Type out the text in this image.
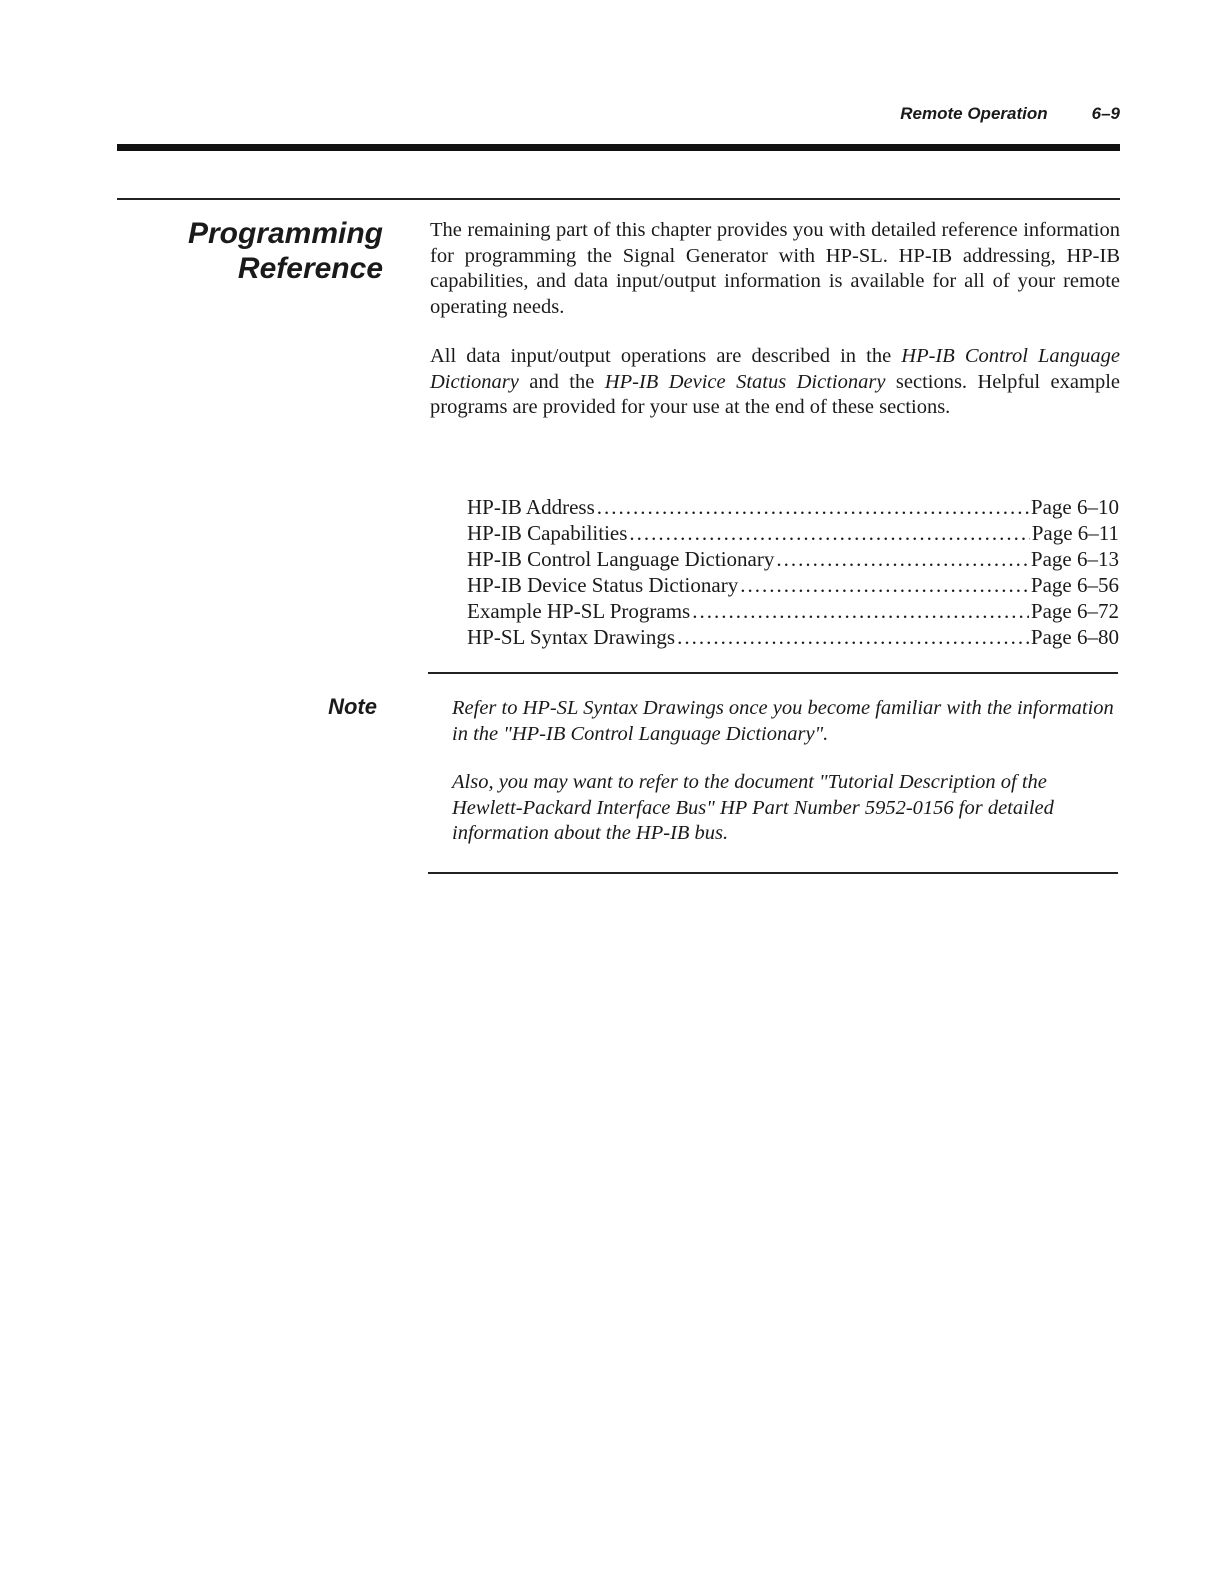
Remote Operation	6–9
Programming
Reference

The remaining part of this chapter provides you with detailed reference information for programming the Signal Generator with HP-SL. HP-IB addressing, HP-IB capabilities, and data input/output information is available for all of your remote operating needs.

All data input/output operations are described in the HP-IB Control Language Dictionary and the HP-IB Device Status Dictionary sections. Helpful example programs are provided for your use at the end of these sections.

HP-IB Address .....	Page 6–10
HP-IB Capabilities .....	Page 6–11
HP-IB Control Language Dictionary .....	Page 6–13
HP-IB Device Status Dictionary .....	Page 6–56
Example HP-SL Programs .....	Page 6–72
HP-SL Syntax Drawings .....	Page 6–80
Note	Refer to HP-SL Syntax Drawings once you become familiar with the information in the "HP-IB Control Language Dictionary".

Also, you may want to refer to the document "Tutorial Description of the Hewlett-Packard Interface Bus" HP Part Number 5952-0156 for detailed information about the HP-IB bus.
